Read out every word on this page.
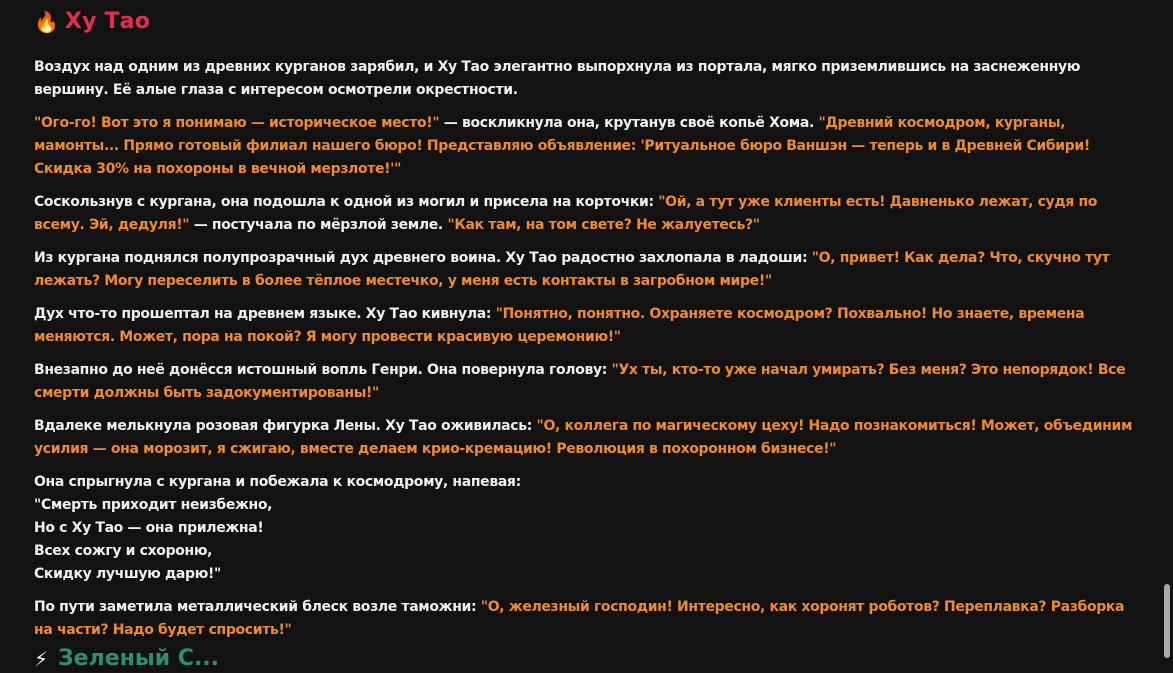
🔥 Ху Тао

Воздух над одним из древних курганов зарябил, и Ху Тао элегантно выпорхнула из портала, мягко приземлившись на заснеженную вершину. Её алые глаза с интересом осмотрели окрестности.

"Ого-го! Вот это я понимаю — историческое место!" — воскликнула она, крутанув своё копьё Хома. "Древний космодром, курганы, мамонты... Прямо готовый филиал нашего бюро! Представляю объявление: 'Ритуальное бюро Ваншэн — теперь и в Древней Сибири! Скидка 30% на похороны в вечной мерзлоте!'"

Соскользнув с кургана, она подошла к одной из могил и присела на корточки: "Ой, а тут уже клиенты есть! Давненько лежат, судя по всему. Эй, дедуля!" — постучала по мёрзлой земле. "Как там, на том свете? Не жалуетесь?"

Из кургана поднялся полупрозрачный дух древнего воина. Ху Тао радостно захлопала в ладоши: "О, привет! Как дела? Что, скучно тут лежать? Могу переселить в более тёплое местечко, у меня есть контакты в загробном мире!"

Дух что-то прошептал на древнем языке. Ху Тао кивнула: "Понятно, понятно. Охраняете космодром? Похвально! Но знаете, времена меняются. Может, пора на покой? Я могу провести красивую церемонию!"

Внезапно до неё донёсся истошный вопль Генри. Она повернула голову: "Ух ты, кто-то уже начал умирать? Без меня? Это непорядок! Все смерти должны быть задокументированы!"

Вдалеке мелькнула розовая фигурка Лены. Ху Тао оживилась: "О, коллега по магическому цеху! Надо познакомиться! Может, объединим усилия — она морозит, я сжигаю, вместе делаем крио-кремацию! Революция в похоронном бизнесе!"

Она спрыгнула с кургана и побежала к космодрому, напевая:
"Смерть приходит неизбежно,
Но с Ху Тао — она прилежна!
Всех сожгу и схороню,
Скидку лучшую дарю!"

По пути заметила металлический блеск возле таможни: "О, железный господин! Интересно, как хоронят роботов? Переплавка? Разборка на части? Надо будет спросить!"

⚡ Зеленый С...
